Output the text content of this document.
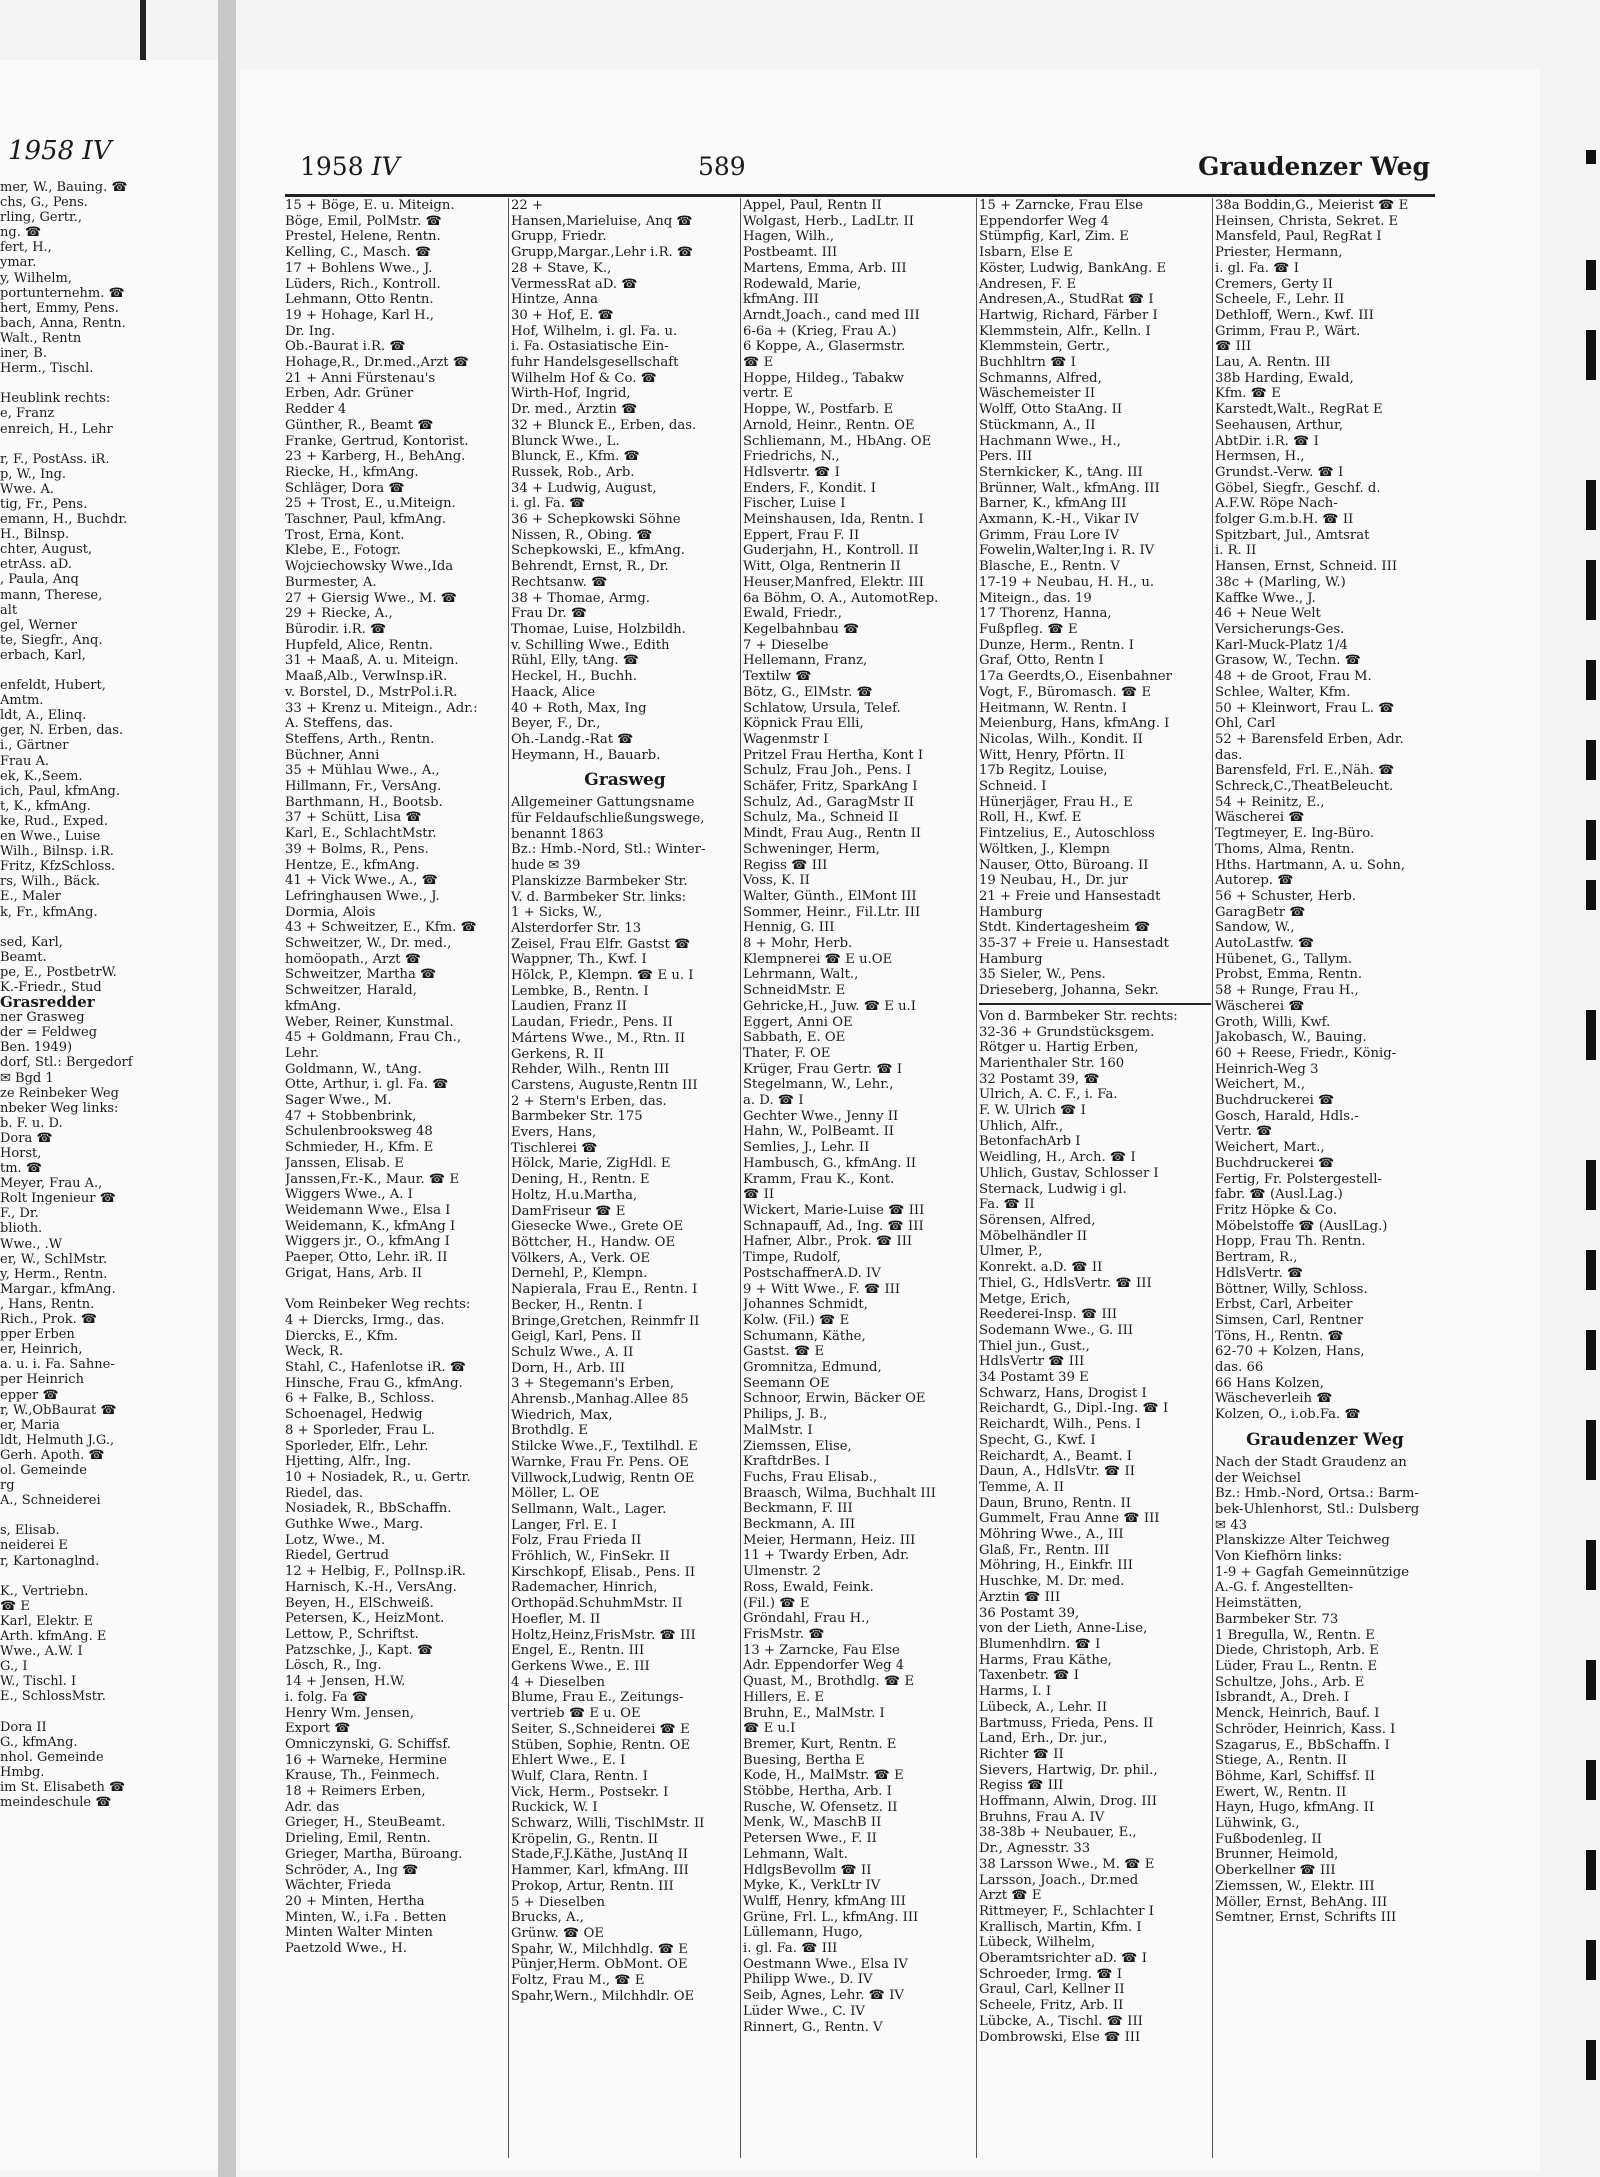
1958 IV
mer, W., Bauing. ☎
chs, G., Pens.
rling, Gertr.,
ng. ☎
fert, H.,
ymar.
y, Wilhelm,
portunternehm. ☎
hert, Emmy, Pens.
bach, Anna, Rentn.
Walt., Rentn
iner, B.
Herm., Tischl.

Heublink rechts:
e, Franz
enreich, H., Lehr

r, F., PostAss. iR.
p, W., Ing.
Wwe. A.
tig, Fr., Pens.
emann, H., Buchdr.
H., Bilnsp.
chter, August,
etrAss. aD.
, Paula, Anq
mann, Therese,
alt
gel, Werner
te, Siegfr., Anq.
erbach, Karl,

enfeldt, Hubert,
Amtm.
ldt, A., Elinq.
ger, N. Erben, das.
i., Gärtner
Frau A.
ek, K.,Seem.
ich, Paul, kfmAng.
t, K., kfmAng.
ke, Rud., Exped.
en Wwe., Luise
Wilh., Bilnsp. i.R.
Fritz, KfzSchloss.
rs, Wilh., Bäck.
E., Maler
k, Fr., kfmAng.

sed, Karl,
Beamt.
pe, E., PostbetrW.
K.-Friedr., Stud
Grasredder
ner Grasweg
der = Feldweg
Ben. 1949)
dorf, Stl.: Bergedorf
✉ Bgd 1
ze Reinbeker Weg
nbeker Weg links:
b. F. u. D.
Dora ☎
Horst,
tm. ☎
Meyer, Frau A.,
Rolt Ingenieur ☎
F., Dr.
blioth.
Wwe., .W
er, W., SchlMstr.
y, Herm., Rentn.
Margar., kfmAng.
, Hans, Rentn.
Rich., Prok. ☎
pper Erben
er, Heinrich,
a. u. i. Fa. Sahne-
per Heinrich
epper ☎
r, W.,ObBaurat ☎
er, Maria
ldt, Helmuth J.G.,
Gerh. Apoth. ☎
ol. Gemeinde
rg
A., Schneiderei

s, Elisab.
neiderei E
r, Kartonaglnd.

K., Vertriebn.
☎ E
Karl, Elektr. E
Arth. kfmAng. E
Wwe., A.W. I
G., I
W., Tischl. I
E., SchlossMstr.

Dora II
G., kfmAng.
nhol. Gemeinde
Hmbg.
im St. Elisabeth ☎
meindeschule ☎
1958 IV	589	Graudenzer Weg
15 + Böge, E. u. Miteign.
Böge, Emil, PolMstr. ☎
Prestel, Helene, Rentn.
Kelling, C., Masch. ☎
17 + Bohlens Wwe., J.
Lüders, Rich., Kontroll.
Lehmann, Otto Rentn.
19 + Hohage, Karl H.,
Dr. Ing.
Ob.-Baurat i.R. ☎
Hohage,R., Dr.med.,Arzt ☎
21 + Anni Fürstenau's
Erben, Adr. Grüner
Redder 4
Günther, R., Beamt ☎
Franke, Gertrud, Kontorist.
23 + Karberg, H., BehAng.
Riecke, H., kfmAng.
Schläger, Dora ☎
25 + Trost, E., u.Miteign.
Taschner, Paul, kfmAng.
Trost, Erna, Kont.
Klebe, E., Fotogr.
Wojciechowsky Wwe.,Ida
Burmester, A.
27 + Giersig Wwe., M. ☎
29 + Riecke, A.,
Bürodir. i.R. ☎
Hupfeld, Alice, Rentn.
31 + Maaß, A. u. Miteign.
Maaß,Alb., VerwInsp.iR.
v. Borstel, D., MstrPol.i.R.
33 + Krenz u. Miteign., Adr.:
A. Steffens, das.
Steffens, Arth., Rentn.
Büchner, Anni
35 + Mühlau Wwe., A.,
Hillmann, Fr., VersAng.
Barthmann, H., Bootsb.
37 + Schütt, Lisa ☎
Karl, E., SchlachtMstr.
39 + Bolms, R., Pens.
Hentze, E., kfmAng.
41 + Vick Wwe., A., ☎
Lefringhausen Wwe., J.
Dormia, Alois
43 + Schweitzer, E., Kfm. ☎
Schweitzer, W., Dr. med.,
homöopath., Arzt ☎
Schweitzer, Martha ☎
Schweitzer, Harald,
kfmAng.
Weber, Reiner, Kunstmal.
45 + Goldmann, Frau Ch.,
Lehr.
Goldmann, W., tAng.
Otte, Arthur, i. gl. Fa. ☎
Sager Wwe., M.
47 + Stobbenbrink,
Schulenbrooksweg 48
Schmieder, H., Kfm. E
Janssen, Elisab. E
Janssen,Fr.-K., Maur. ☎ E
Wiggers Wwe., A. I
Weidemann Wwe., Elsa I
Weidemann, K., kfmAng I
Wiggers jr., O., kfmAng I
Paeper, Otto, Lehr. iR. II
Grigat, Hans, Arb. II

Vom Reinbeker Weg rechts:
4 + Diercks, Irmg., das.
Diercks, E., Kfm.
Weck, R.
Stahl, C., Hafenlotse iR. ☎
Hinsche, Frau G., kfmAng.
6 + Falke, B., Schloss.
Schoenagel, Hedwig
8 + Sporleder, Frau L.
Sporleder, Elfr., Lehr.
Hjetting, Alfr., Ing.
10 + Nosiadek, R., u. Gertr.
Riedel, das.
Nosiadek, R., BbSchaffn.
Guthke Wwe., Marg.
Lotz, Wwe., M.
Riedel, Gertrud
12 + Helbig, F., PolInsp.iR.
Harnisch, K.-H., VersAng.
Beyen, H., ElSchweiß.
Petersen, K., HeizMont.
Lettow, P., Schriftst.
Patzschke, J., Kapt. ☎
Lösch, R., Ing.
14 + Jensen, H.W.
i. folg. Fa ☎
Henry Wm. Jensen,
Export ☎
Omniczynski, G. Schiffsf.
16 + Warneke, Hermine
Krause, Th., Feinmech.
18 + Reimers Erben,
Adr. das
Grieger, H., SteuBeamt.
Drieling, Emil, Rentn.
Grieger, Martha, Büroang.
Schröder, A., Ing ☎
Wächter, Frieda
20 + Minten, Hertha
Minten, W., i.Fa . Betten
Minten Walter Minten
Paetzold Wwe., H.
22 +
Hansen,Marieluise, Anq ☎
Grupp, Friedr.
Grupp,Margar.,Lehr i.R. ☎
28 + Stave, K.,
VermessRat aD. ☎
Hintze, Anna
30 + Hof, E. ☎
Hof, Wilhelm, i. gl. Fa. u.
i. Fa. Ostasiatische Ein-
fuhr Handelsgesellschaft
Wilhelm Hof & Co. ☎
Wirth-Hof, Ingrid,
Dr. med., Ärztin ☎
32 + Blunck E., Erben, das.
Blunck Wwe., L.
Blunck, E., Kfm. ☎
Russek, Rob., Arb.
34 + Ludwig, August,
i. gl. Fa. ☎
36 + Schepkowski Söhne
Nissen, R., Obing. ☎
Schepkowski, E., kfmAng.
Behrendt, Ernst, R., Dr.
Rechtsanw. ☎
38 + Thomae, Armg.
Frau Dr. ☎
Thomae, Luise, Holzbildh.
v. Schilling Wwe., Edith
Rühl, Elly, tAng. ☎
Heckel, H., Buchh.
Haack, Alice
40 + Roth, Max, Ing
Beyer, F., Dr.,
Oh.-Landg.-Rat ☎
Heymann, H., Bauarb.
Grasweg
Allgemeiner Gattungsname
für Feldaufschließungswege,
benannt 1863
Bz.: Hmb.-Nord, Stl.: Winter-
hude ✉ 39
Planskizze Barmbeker Str.
V. d. Barmbeker Str. links:
1 + Sicks, W.,
Alsterdorfer Str. 13
Zeisel, Frau Elfr. Gastst ☎
Wappner, Th., Kwf. I
Hölck, P., Klempn. ☎ E u. I
Lembke, B., Rentn. I
Laudien, Franz II
Laudan, Friedr., Pens. II
Mártens Wwe., M., Rtn. II
Gerkens, R. II
Rehder, Wilh., Rentn III
Carstens, Auguste,Rentn III
2 + Stern's Erben, das.
Barmbeker Str. 175
Evers, Hans,
Tischlerei ☎
Hölck, Marie, ZigHdl. E
Dening, H., Rentn. E
Holtz, H.u.Martha,
DamFriseur ☎ E
Giesecke Wwe., Grete OE
Böttcher, H., Handw. OE
Völkers, A., Verk. OE
Dernehl, P., Klempn.
Napierala, Frau E., Rentn. I
Becker, H., Rentn. I
Bringe,Gretchen, Reinmfr II
Geigl, Karl, Pens. II
Schulz Wwe., A. II
Dorn, H., Arb. III
3 + Stegemann's Erben,
Ahrensb.,Manhag.Allee 85
Wiedrich, Max,
Brothdlg. E
Stilcke Wwe.,F., Textilhdl. E
Warnke, Frau Fr. Pens. OE
Villwock,Ludwig, Rentn OE
Möller, L. OE
Sellmann, Walt., Lager.
Langer, Frl. E. I
Folz, Frau Frieda II
Fröhlich, W., FinSekr. II
Kirschkopf, Elisab., Pens. II
Rademacher, Hinrich,
Orthopäd.SchuhmMstr. II
Hoefler, M. II
Holtz,Heinz,FrisMstr. ☎ III
Engel, E., Rentn. III
Gerkens Wwe., E. III
4 + Dieselben
Blume, Frau E., Zeitungs-
vertrieb ☎ E u. OE
Seiter, S.,Schneiderei ☎ E
Stüben, Sophie, Rentn. OE
Ehlert Wwe., E. I
Wulf, Clara, Rentn. I
Vick, Herm., Postsekr. I
Ruckick, W. I
Schwarz, Willi, TischlMstr. II
Kröpelin, G., Rentn. II
Stade,F.J.Käthe, JustAnq II
Hammer, Karl, kfmAng. III
Prokop, Artur, Rentn. III
5 + Dieselben
Brucks, A.,
Grünw. ☎ OE
Spahr, W., Milchhdlg. ☎ E
Pünjer,Herm. ObMont. OE
Foltz, Frau M., ☎ E
Spahr,Wern., Milchhdlr. OE
Appel, Paul, Rentn II
Wolgast, Herb., LadLtr. II
Hagen, Wilh.,
Postbeamt. III
Martens, Emma, Arb. III
Rodewald, Marie,
kfmAng. III
Arndt,Joach., cand med III
6-6a + (Krieg, Frau A.)
6 Koppe, A., Glasermstr.
☎ E
Hoppe, Hildeg., Tabakw
vertr. E
Hoppe, W., Postfarb. E
Arnold, Heinr., Rentn. OE
Schliemann, M., HbAng. OE
Friedrichs, N.,
Hdlsvertr. ☎ I
Enders, F., Kondit. I
Fischer, Luise I
Meinshausen, Ida, Rentn. I
Eppert, Frau F. II
Guderjahn, H., Kontroll. II
Witt, Olga, Rentnerin II
Heuser,Manfred, Elektr. III
6a Böhm, O. A., AutomotRep.
Ewald, Friedr.,
Kegelbahnbau ☎
7 + Dieselbe
Hellemann, Franz,
Textilw ☎
Bötz, G., ElMstr. ☎
Schlatow, Ursula, Telef.
Köpnick Frau Elli,
Wagenmstr I
Pritzel Frau Hertha, Kont I
Schulz, Frau Joh., Pens. I
Schäfer, Fritz, SparkAng I
Schulz, Ad., GaragMstr II
Schulz, Ma., Schneid II
Mindt, Frau Aug., Rentn II
Schweninger, Herm,
Regiss ☎ III
Voss, K. II
Walter, Günth., ElMont III
Sommer, Heinr., Fil.Ltr. III
Hennig, G. III
8 + Mohr, Herb.
Klempnerei ☎ E u.OE
Lehrmann, Walt.,
SchneidMstr. E
Gehricke,H., Juw. ☎ E u.I
Eggert, Anni OE
Sabbath, E. OE
Thater, F. OE
Krüger, Frau Gertr. ☎ I
Stegelmann, W., Lehr.,
a. D. ☎ I
Gechter Wwe., Jenny II
Hahn, W., PolBeamt. II
Semlies, J., Lehr. II
Hambusch, G., kfmAng. II
Kramm, Frau K., Kont.
☎ II
Wickert, Marie-Luise ☎ III
Schnapauff, Ad., Ing. ☎ III
Hafner, Albr., Prok. ☎ III
Timpe, Rudolf,
PostschaffnerA.D. IV
9 + Witt Wwe., F. ☎ III
Johannes Schmidt,
Kolw. (Fil.) ☎ E
Schumann, Käthe,
Gastst. ☎ E
Gromnitza, Edmund,
Seemann OE
Schnoor, Erwin, Bäcker OE
Philips, J. B.,
MalMstr. I
Ziemssen, Elise,
KraftdrBes. I
Fuchs, Frau Elisab.,
Braasch, Wilma, Buchhalt III
Beckmann, F. III
Beckmann, A. III
Meier, Hermann, Heiz. III
11 + Twardy Erben, Adr.
Ulmenstr. 2
Ross, Ewald, Feink.
(Fil.) ☎ E
Gröndahl, Frau H.,
FrisMstr. ☎
13 + Zarncke, Fau Else
Adr. Eppendorfer Weg 4
Quast, M., Brothdlg. ☎ E
Hillers, E. E
Bruhn, E., MalMstr. I
☎ E u.I
Bremer, Kurt, Rentn. E
Buesing, Bertha E
Kode, H., MalMstr. ☎ E
Stöbbe, Hertha, Arb. I
Rusche, W. Ofensetz. II
Menk, W., MaschB II
Petersen Wwe., F. II
Lehmann, Walt.
HdlgsBevollm ☎ II
Myke, K., VerkLtr IV
Wulff, Henry, kfmAng III
Grüne, Frl. L., kfmAng. III
Lüllemann, Hugo,
i. gl. Fa. ☎ III
Oestmann Wwe., Elsa IV
Philipp Wwe., D. IV
Seib, Agnes, Lehr. ☎ IV
Lüder Wwe., C. IV
Rinnert, G., Rentn. V
15 + Zarncke, Frau Else
Eppendorfer Weg 4
Stümpfig, Karl, Zim. E
Isbarn, Else E
Köster, Ludwig, BankAng. E
Andresen, F. E
Andresen,A., StudRat ☎ I
Hartwig, Richard, Färber I
Klemmstein, Alfr., Kelln. I
Klemmstein, Gertr.,
Buchhltrn ☎ I
Schmanns, Alfred,
Wäschemeister II
Wolff, Otto StaAng. II
Stückmann, A., II
Hachmann Wwe., H.,
Pers. III
Sternkicker, K., tAng. III
Brünner, Walt., kfmAng. III
Barner, K., kfmAng III
Axmann, K.-H., Vikar IV
Grimm, Frau Lore IV
Fowelin,Walter,Ing i. R. IV
Blasche, E., Rentn. V
17-19 + Neubau, H. H., u.
Miteign., das. 19
17 Thorenz, Hanna,
Fußpfleg. ☎ E
Dunze, Herm., Rentn. I
Graf, Otto, Rentn I
17a Geerdts,O., Eisenbahner
Vogt, F., Büromasch. ☎ E
Heitmann, W. Rentn. I
Meienburg, Hans, kfmAng. I
Nicolas, Wilh., Kondit. II
Witt, Henry, Pförtn. II
17b Regitz, Louise,
Schneid. I
Hünerjäger, Frau H., E
Roll, H., Kwf. E
Fintzelius, E., Autoschloss
Wöltken, J., Klempn
Nauser, Otto, Büroang. II
19 Neubau, H., Dr. jur
21 + Freie und Hansestadt
Hamburg
Stdt. Kindertagesheim ☎
35-37 + Freie u. Hansestadt
Hamburg
35 Sieler, W., Pens.
Drieseberg, Johanna, Sekr.
Von d. Barmbeker Str. rechts:
32-36 + Grundstücksgem.
Rötger u. Hartig Erben,
Marienthaler Str. 160
32 Postamt 39, ☎
Ulrich, A. C. F., i. Fa.
F. W. Ulrich ☎ I
Uhlich, Alfr.,
BetonfachArb I
Weidling, H., Arch. ☎ I
Uhlich, Gustav, Schlosser I
Sternack, Ludwig i gl.
Fa. ☎ II
Sörensen, Alfred,
Möbelhändler II
Ulmer, P.,
Konrekt. a.D. ☎ II
Thiel, G., HdlsVertr. ☎ III
Metge, Erich,
Reederei-Insp. ☎ III
Sodemann Wwe., G. III
Thiel jun., Gust.,
HdlsVertr ☎ III
34 Postamt 39 E
Schwarz, Hans, Drogist I
Reichardt, G., Dipl.-Ing. ☎ I
Reichardt, Wilh., Pens. I
Specht, G., Kwf. I
Reichardt, A., Beamt. I
Daun, A., HdlsVtr. ☎ II
Temme, A. II
Daun, Bruno, Rentn. II
Gummelt, Frau Anne ☎ III
Möhring Wwe., A., III
Glaß, Fr., Rentn. III
Möhring, H., Einkfr. III
Huschke, M. Dr. med.
Ärztin ☎ III
36 Postamt 39,
von der Lieth, Anne-Lise,
Blumenhdlrn. ☎ I
Harms, Frau Käthe,
Taxenbetr. ☎ I
Harms, I. I
Lübeck, A., Lehr. II
Bartmuss, Frieda, Pens. II
Land, Erh., Dr. jur.,
Richter ☎ II
Sievers, Hartwig, Dr. phil.,
Regiss ☎ III
Hoffmann, Alwin, Drog. III
Bruhns, Frau A. IV
38-38b + Neubauer, E.,
Dr., Agnesstr. 33
38 Larsson Wwe., M. ☎ E
Larsson, Joach., Dr.med
Arzt ☎ E
Rittmeyer, F., Schlachter I
Krallisch, Martin, Kfm. I
Lübeck, Wilhelm,
Oberamtsrichter aD. ☎ I
Schroeder, Irmg. ☎ I
Graul, Carl, Kellner II
Scheele, Fritz, Arb. II
Lübcke, A., Tischl. ☎ III
Dombrowski, Else ☎ III
38a Boddin,G., Meierist ☎ E
Heinsen, Christa, Sekret. E
Mansfeld, Paul, RegRat I
Priester, Hermann,
i. gl. Fa. ☎ I
Cremers, Gerty II
Scheele, F., Lehr. II
Dethloff, Wern., Kwf. III
Grimm, Frau P., Wärt.
☎ III
Lau, A. Rentn. III
38b Harding, Ewald,
Kfm. ☎ E
Karstedt,Walt., RegRat E
Seehausen, Arthur,
AbtDir. i.R. ☎ I
Hermsen, H.,
Grundst.-Verw. ☎ I
Göbel, Siegfr., Geschf. d.
A.F.W. Röpe Nach-
folger G.m.b.H. ☎ II
Spitzbart, Jul., Amtsrat
i. R. II
Hansen, Ernst, Schneid. III
38c + (Marling, W.)
Kaffke Wwe., J.
46 + Neue Welt
Versicherungs-Ges.
Karl-Muck-Platz 1/4
Grasow, W., Techn. ☎
48 + de Groot, Frau M.
Schlee, Walter, Kfm.
50 + Kleinwort, Frau L. ☎
Ohl, Carl
52 + Barensfeld Erben, Adr.
das.
Barensfeld, Frl. E.,Näh. ☎
Schreck,C.,TheatBeleucht.
54 + Reinitz, E.,
Wäscherei ☎
Tegtmeyer, E. Ing-Büro.
Thoms, Alma, Rentn.
Hths. Hartmann, A. u. Sohn,
Autorep. ☎
56 + Schuster, Herb.
GaragBetr ☎
Sandow, W.,
AutoLastfw. ☎
Hübenet, G., Tallym.
Probst, Emma, Rentn.
58 + Runge, Frau H.,
Wäscherei ☎
Groth, Willi, Kwf.
Jakobasch, W., Bauing.
60 + Reese, Friedr., König-
Heinrich-Weg 3
Weichert, M.,
Buchdruckerei ☎
Gosch, Harald, Hdls.-
Vertr. ☎
Weichert, Mart.,
Buchdruckerei ☎
Fertig, Fr. Polstergestell-
fabr. ☎ (Ausl.Lag.)
Fritz Höpke & Co.
Möbelstoffe ☎ (AuslLag.)
Hopp, Frau Th. Rentn.
Bertram, R.,
HdlsVertr. ☎
Böttner, Willy, Schloss.
Erbst, Carl, Arbeiter
Simsen, Carl, Rentner
Töns, H., Rentn. ☎
62-70 + Kolzen, Hans,
das. 66
66 Hans Kolzen,
Wäscheverleih ☎
Kolzen, O., i.ob.Fa. ☎
Graudenzer Weg
Nach der Stadt Graudenz an
der Weichsel
Bz.: Hmb.-Nord, Ortsa.: Barm-
bek-Uhlenhorst, Stl.: Dulsberg
✉ 43
Planskizze Alter Teichweg
Von Kiefhörn links:
1-9 + Gagfah Gemeinnützige
A.-G. f. Angestellten-
Heimstätten,
Barmbeker Str. 73
1 Bregulla, W., Rentn. E
Diede, Christoph, Arb. E
Lüder, Frau L., Rentn. E
Schultze, Johs., Arb. E
Isbrandt, A., Dreh. I
Menck, Heinrich, Bauf. I
Schröder, Heinrich, Kass. I
Szagarus, E., BbSchaffn. I
Stiege, A., Rentn. II
Böhme, Karl, Schiffsf. II
Ewert, W., Rentn. II
Hayn, Hugo, kfmAng. II
Lühwink, G.,
Fußbodenleg. II
Brunner, Heimold,
Oberkellner ☎ III
Ziemssen, W., Elektr. III
Möller, Ernst, BehAng. III
Semtner, Ernst, Schrifts III
